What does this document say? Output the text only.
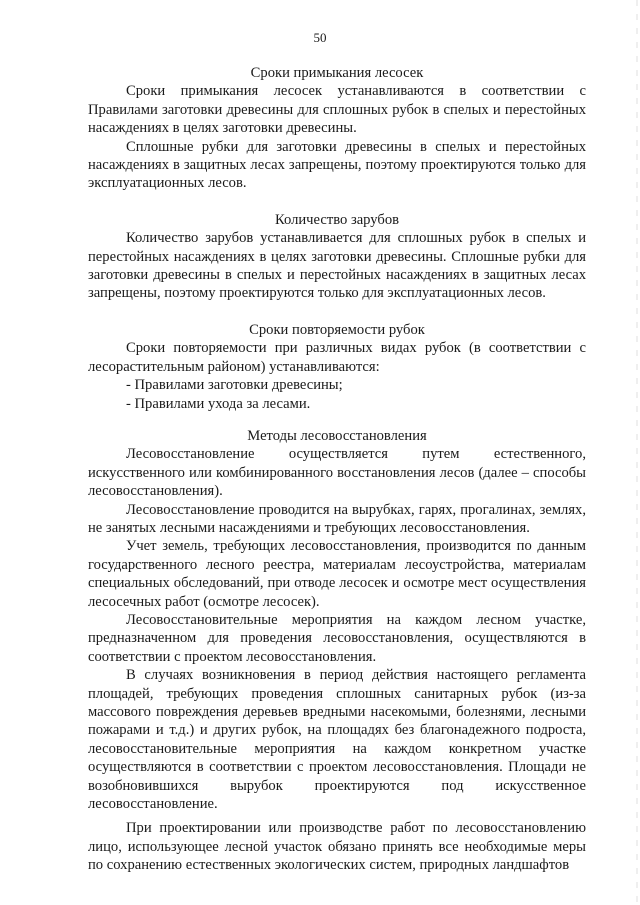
50

Сроки примыкания лесосек

Сроки примыкания лесосек устанавливаются в соответствии с Правилами заготовки древесины для сплошных рубок в спелых и перестойных насаждениях в целях заготовки древесины.

Сплошные рубки для заготовки древесины в спелых и перестойных насаждениях в защитных лесах запрещены, поэтому проектируются только для эксплуатационных лесов.

Количество зарубов

Количество зарубов устанавливается для сплошных рубок в спелых и перестойных насаждениях в целях заготовки древесины. Сплошные рубки для заготовки древесины в спелых и перестойных насаждениях в защитных лесах запрещены, поэтому проектируются только для эксплуатационных лесов.

Сроки повторяемости рубок

Сроки повторяемости при различных видах рубок (в соответствии с лесорастительным районом) устанавливаются:

- Правилами заготовки древесины;

- Правилами ухода за лесами.

Методы лесовосстановления

Лесовосстановление осуществляется путем естественного, искусственного или комбинированного восстановления лесов (далее – способы лесовосстановления).

Лесовосстановление проводится на вырубках, гарях, прогалинах, землях, не занятых лесными насаждениями и требующих лесовосстановления.

Учет земель, требующих лесовосстановления, производится по данным государственного лесного реестра, материалам лесоустройства, материалам специальных обследований, при отводе лесосек и осмотре мест осуществления лесосечных работ (осмотре лесосек).

Лесовосстановительные мероприятия на каждом лесном участке, предназначенном для проведения лесовосстановления, осуществляются в соответствии с проектом лесовосстановления.

В случаях возникновения в период действия настоящего регламента площадей, требующих проведения сплошных санитарных рубок (из-за массового повреждения деревьев вредными насекомыми, болезнями, лесными пожарами и т.д.) и других рубок, на площадях без благонадежного подроста, лесовосстановительные мероприятия на каждом конкретном участке осуществляются в соответствии с проектом лесовосстановления. Площади не возобновившихся вырубок проектируются под искусственное лесовосстановление.

При проектировании или производстве работ по лесовосстановлению лицо, использующее лесной участок обязано принять все необходимые меры по сохранению естественных экологических систем, природных ландшафтов
